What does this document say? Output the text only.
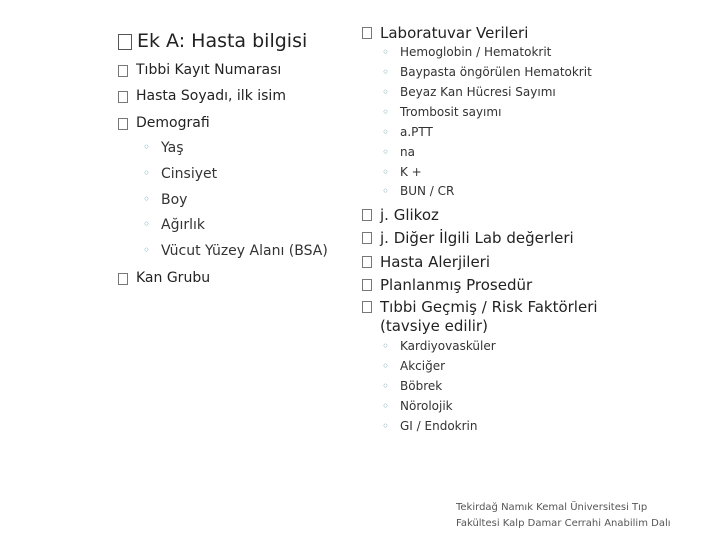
Ek A: Hasta bilgisi
Tıbbi Kayıt Numarası
Hasta Soyadı, ilk isim
Demografi
◦ Yaş
◦ Cinsiyet
◦ Boy
◦ Ağırlık
◦ Vücut Yüzey Alanı (BSA)
Kan Grubu
Laboratuvar Verileri
◦ Hemoglobin / Hematokrit
◦ Baypasta öngörülen Hematokrit
◦ Beyaz Kan Hücresi Sayımı
◦ Trombosit sayımı
◦ a.PTT
◦ na
◦ K +
◦ BUN / CR
j. Glikoz
j. Diğer İlgili Lab değerleri
Hasta Alerjileri
Planlanmış Prosedür
Tıbbi Geçmiş / Risk Faktörleri (tavsiye edilir)
◦ Kardiyovasküler
◦ Akciğer
◦ Böbrek
◦ Nörolojik
◦ GI / Endokrin
Tekirdağ Namık Kemal Üniversitesi Tıp
Fakültesi Kalp Damar Cerrahi Anabilim Dalı
